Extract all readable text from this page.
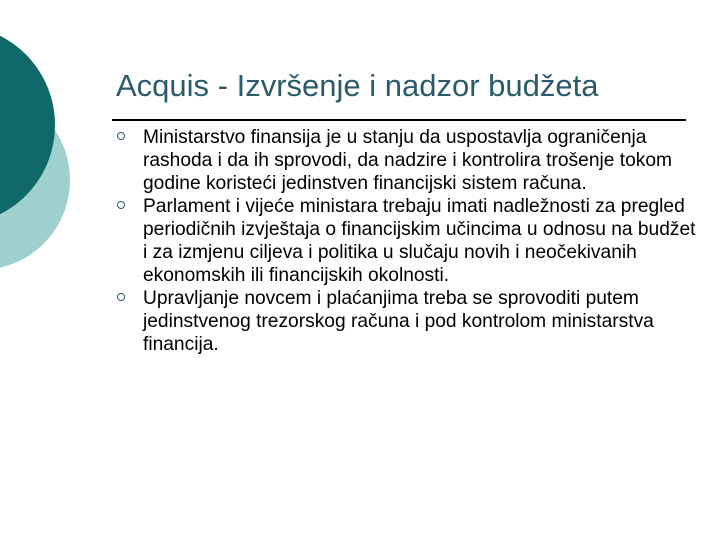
Acquis - Izvršenje i nadzor budžeta
Ministarstvo finansija je u stanju da uspostavlja ograničenja rashoda i da ih sprovodi, da nadzire i kontrolira trošenje tokom godine koristeći jedinstven financijski sistem računa.
Parlament i vijeće ministara trebaju imati nadležnosti za pregled periodičnih izvještaja o financijskim učincima u odnosu na budžet i za izmjenu ciljeva i politika u slučaju novih i neočekivanih ekonomskih ili financijskih okolnosti.
Upravljanje novcem i plaćanjima treba se sprovoditi putem jedinstvenog trezorskog računa i pod kontrolom ministarstva financija.
